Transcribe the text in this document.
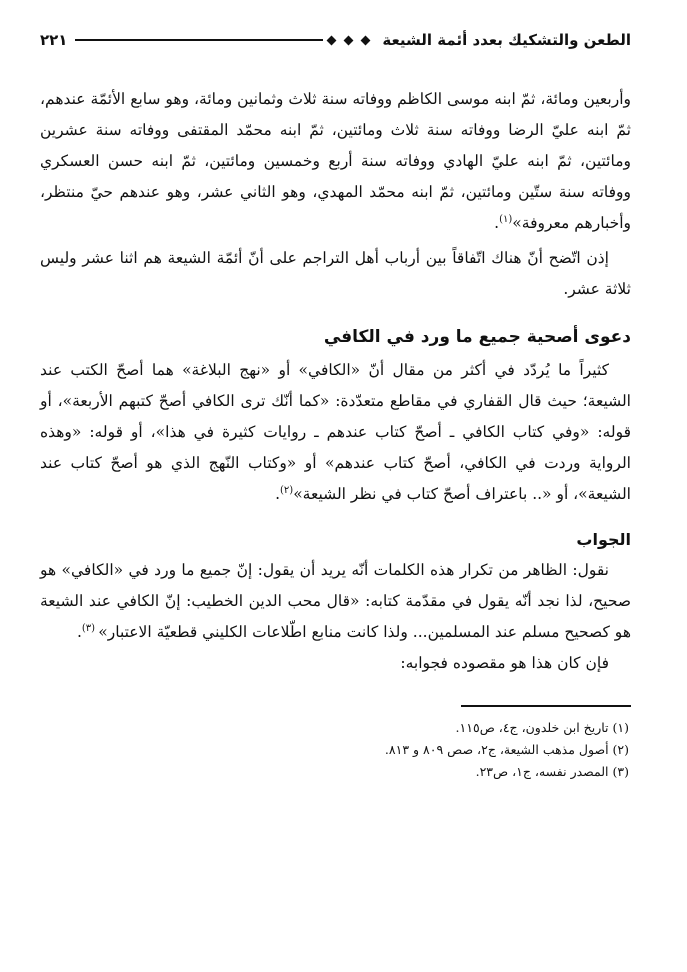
الطعن والتشكيك بعدد أئمة الشيعة
٢٢١

وأربعين ومائة، ثمّ ابنه موسى الكاظم ووفاته سنة ثلاث وثمانين ومائة، وهو سابع الأئمّة عندهم، ثمّ ابنه عليّ الرضا ووفاته سنة ثلاث ومائتين، ثمّ ابنه محمّد المقتفى ووفاته سنة عشرين ومائتين، ثمّ ابنه عليّ الهادي ووفاته سنة أربع وخمسين ومائتين، ثمّ ابنه حسن العسكري ووفاته سنة ستّين ومائتين، ثمّ ابنه محمّد المهدي، وهو الثاني عشر، وهو عندهم حيّ منتظر، وأخبارهم معروفة»$^{(١)}$.

إذن اتّضح أنّ هناك اتّفاقاً بين أرباب أهل التراجم على أنّ أئمّة الشيعة هم اثنا عشر وليس ثلاثة عشر.

دعوى أصحية جميع ما ورد في الكافي

كثيراً ما يُردّد في أكثر من مقال أنّ «الكافي» أو «نهج البلاغة» هما أصحّ الكتب عند الشيعة؛ حيث قال القفاري في مقاطع متعدّدة: «كما أنّك ترى الكافي أصحّ كتبهم الأربعة»، أو قوله: «وفي كتاب الكافي ـ أصحّ كتاب عندهم ـ روايات كثيرة في هذا»، أو قوله: «وهذه الرواية وردت في الكافي، أصحّ كتاب عندهم» أو «وكتاب النّهج الذي هو أصحّ كتاب عند الشيعة»، أو «.. باعتراف أصحّ كتاب في نظر الشيعة»$^{(٢)}$.

الجواب

نقول: الظاهر من تكرار هذه الكلمات أنّه يريد أن يقول: إنّ جميع ما ورد في «الكافي» هو صحيح، لذا نجد أنّه يقول في مقدّمة كتابه: «قال محب الدين الخطيب: إنّ الكافي عند الشيعة هو كصحيح مسلم عند المسلمين... ولذا كانت منابع اطّلاعات الكليني قطعيّة الاعتبار» $^{(٣)}$.

فإن كان هذا هو مقصوده فجوابه:

(١) تاريخ ابن خلدون، ج٤، ص١١٥.

(٢) أصول مذهب الشيعة، ج٢، صص ٨٠٩ و ٨١٣.

(٣) المصدر نفسه، ج١، ص٢٣.
